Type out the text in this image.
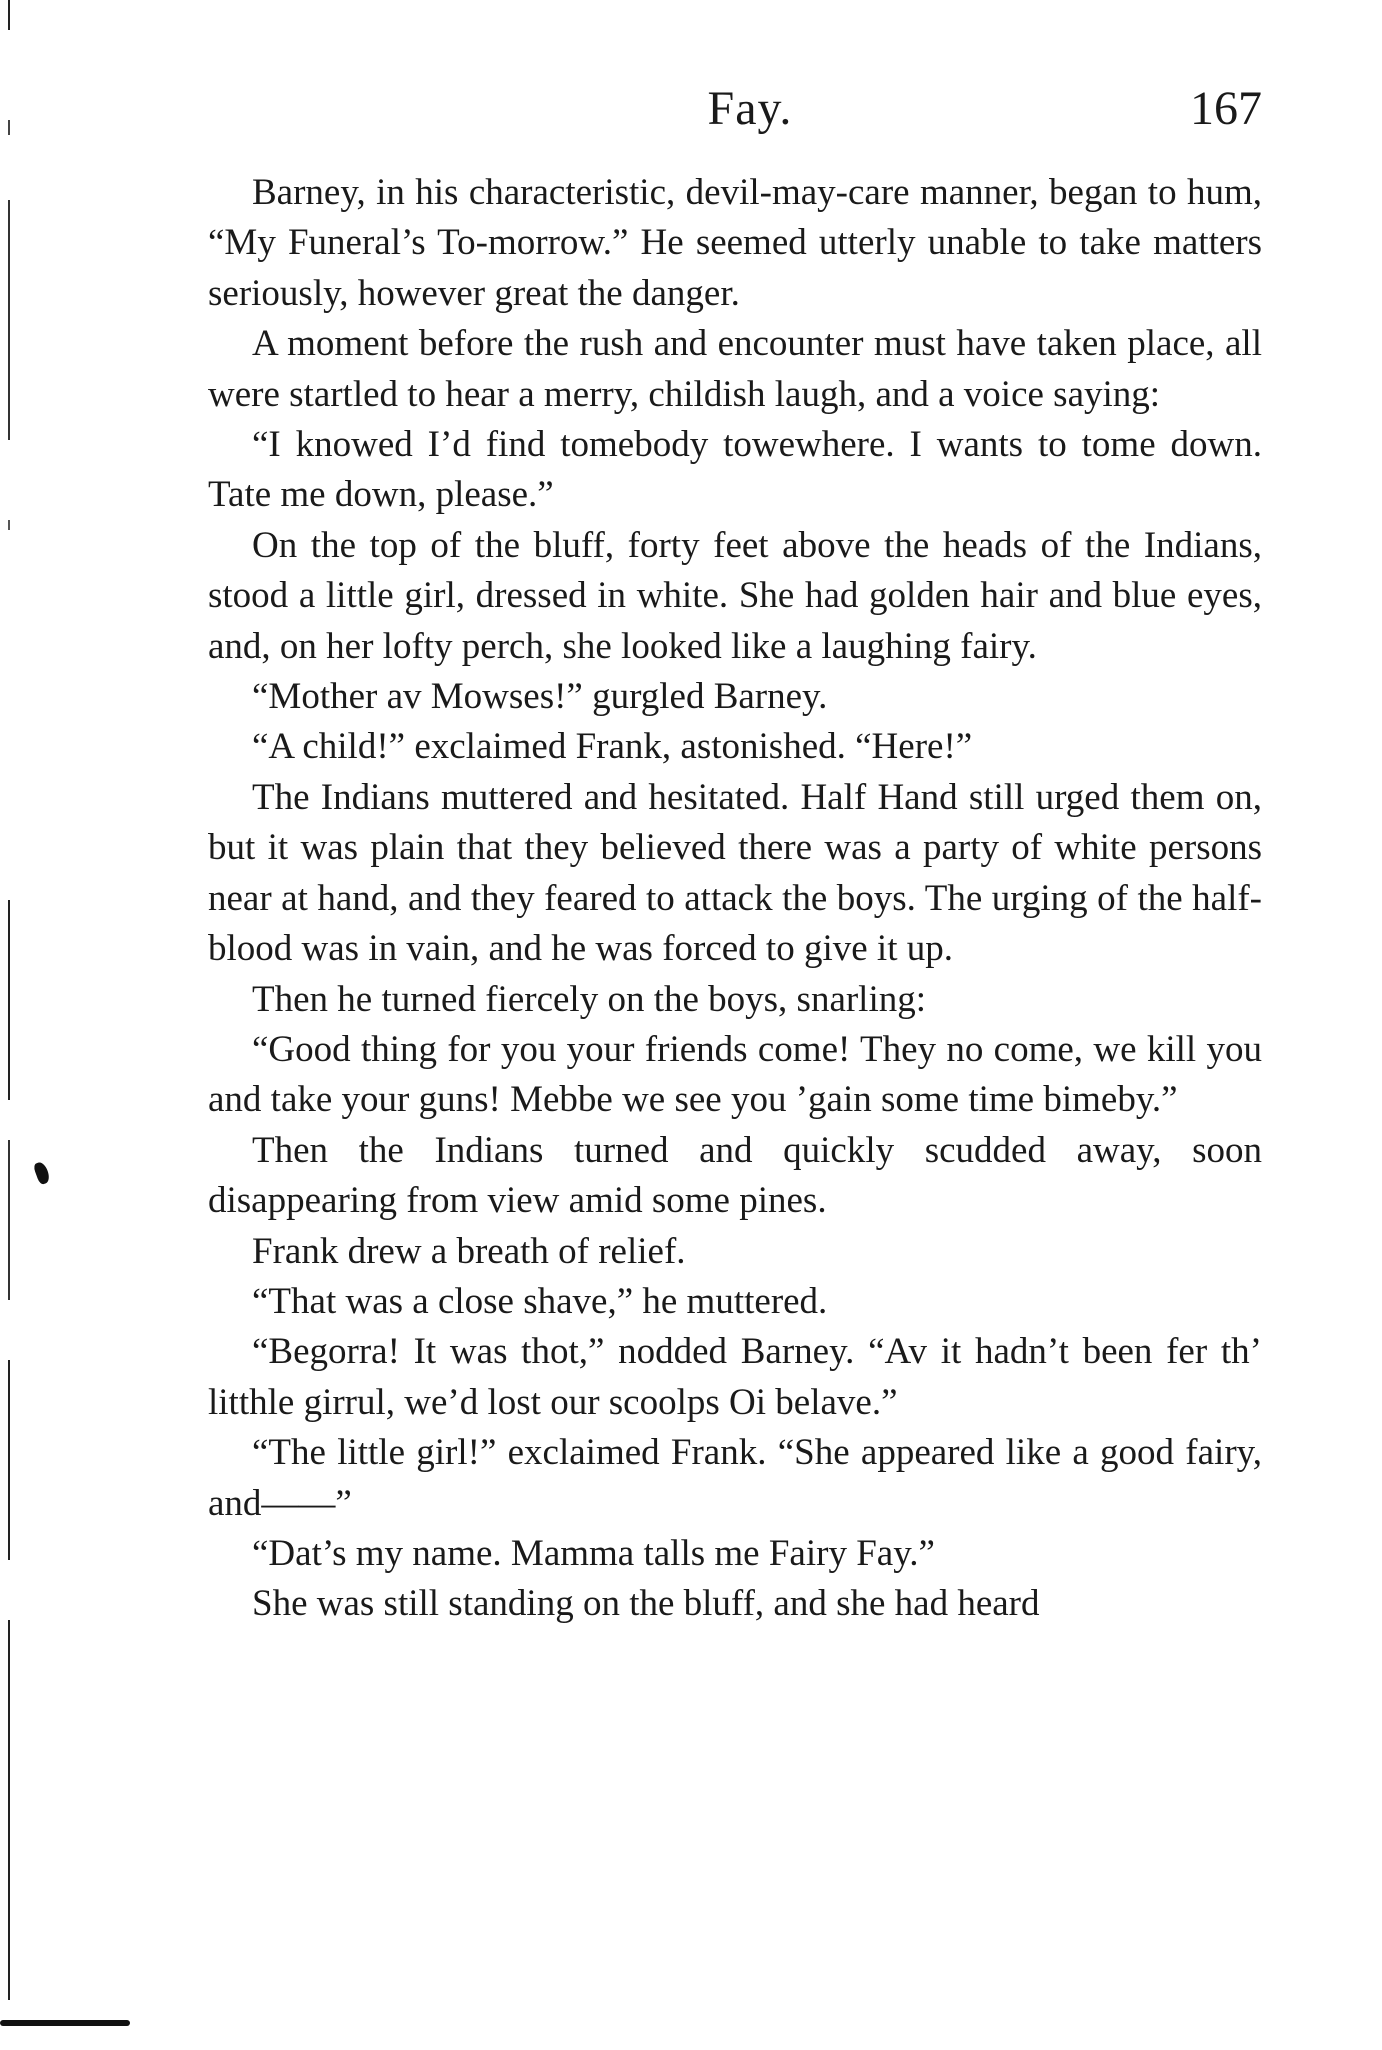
Fay.	167

Barney, in his characteristic, devil-may-care manner, began to hum, “My Funeral’s To-morrow.” He seemed utterly unable to take matters seriously, however great the danger.

A moment before the rush and encounter must have taken place, all were startled to hear a merry, childish laugh, and a voice saying:

“I knowed I’d find tomebody towewhere. I wants to tome down. Tate me down, please.”

On the top of the bluff, forty feet above the heads of the Indians, stood a little girl, dressed in white. She had golden hair and blue eyes, and, on her lofty perch, she looked like a laughing fairy.

“Mother av Mowses!” gurgled Barney.

“A child!” exclaimed Frank, astonished. “Here!”

The Indians muttered and hesitated. Half Hand still urged them on, but it was plain that they believed there was a party of white persons near at hand, and they feared to attack the boys. The urging of the half-blood was in vain, and he was forced to give it up.

Then he turned fiercely on the boys, snarling:

“Good thing for you your friends come! They no come, we kill you and take your guns! Mebbe we see you ’gain some time bimeby.”

Then the Indians turned and quickly scudded away, soon disappearing from view amid some pines.

Frank drew a breath of relief.

“That was a close shave,” he muttered.

“Begorra! It was thot,” nodded Barney. “Av it hadn’t been fer th’ litthle girrul, we’d lost our scoolps Oi belave.”

“The little girl!” exclaimed Frank. “She appeared like a good fairy, and——”

“Dat’s my name. Mamma talls me Fairy Fay.”

She was still standing on the bluff, and she had heard
